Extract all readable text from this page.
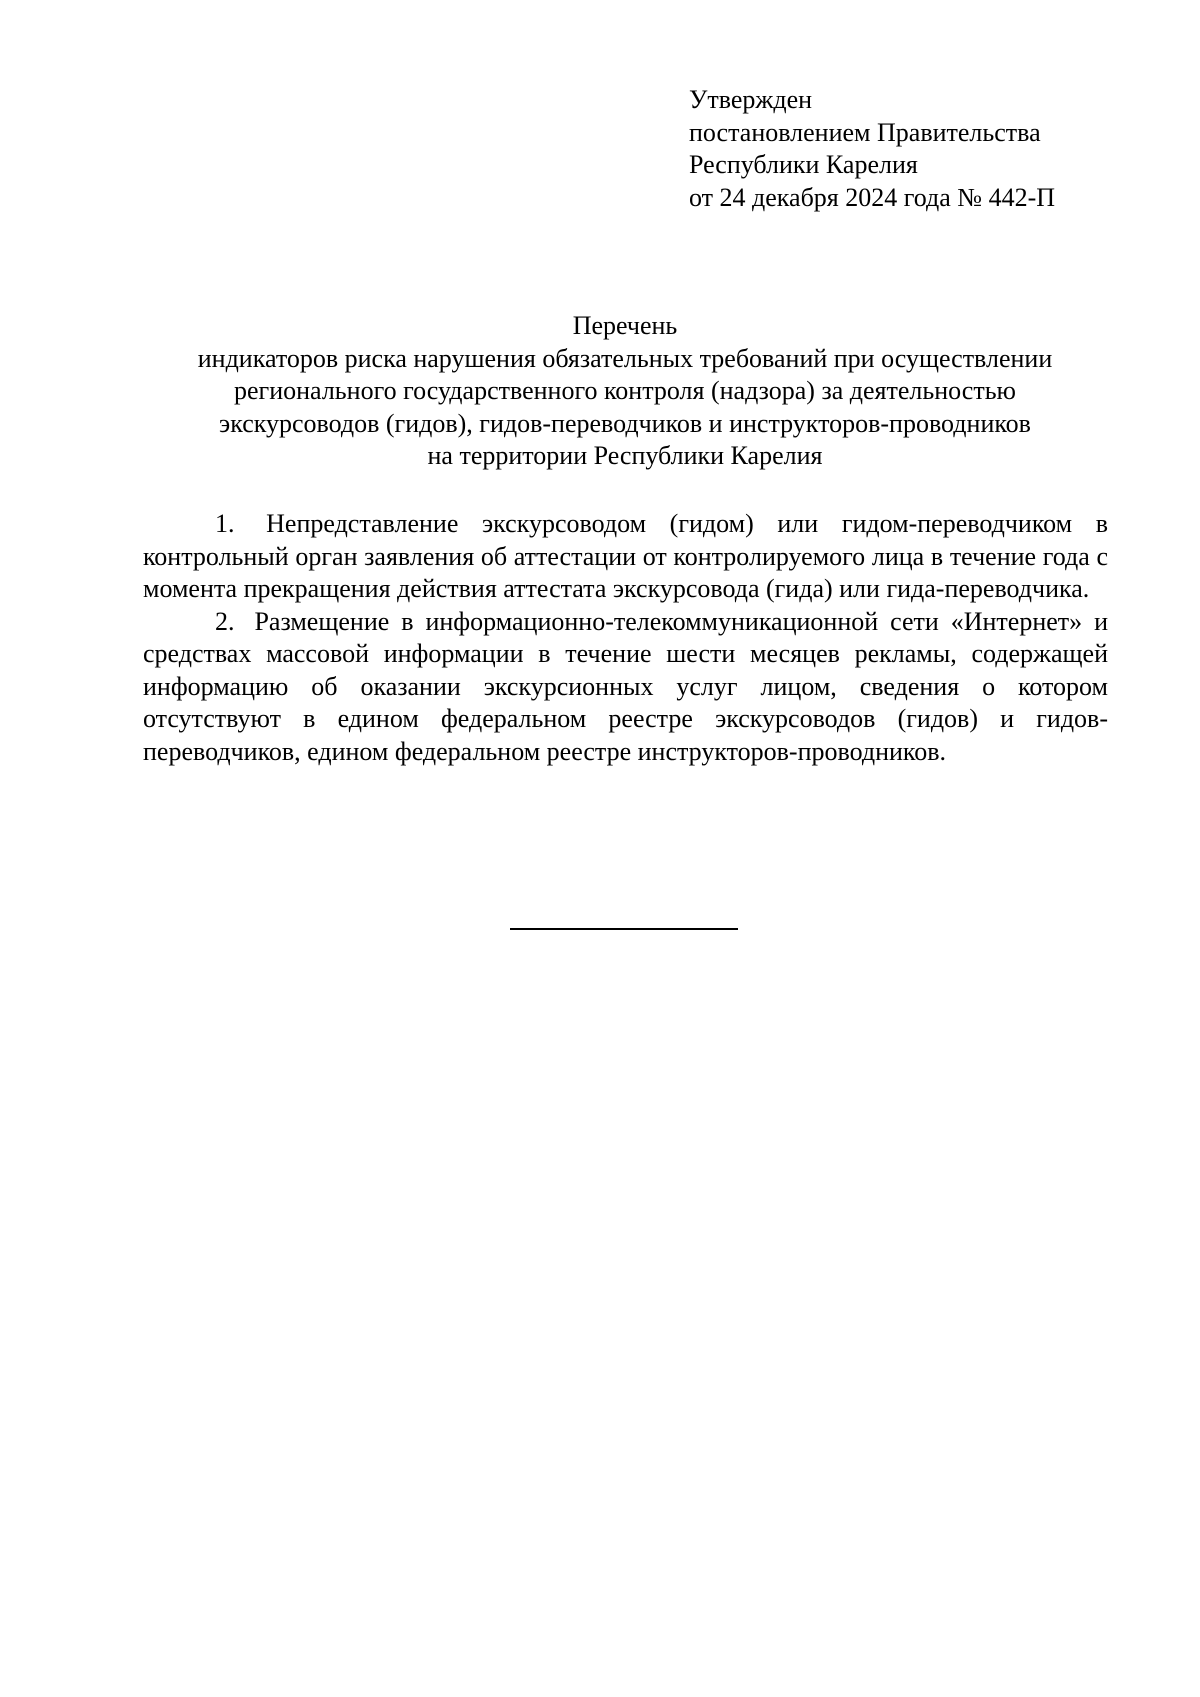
Утвержден
постановлением Правительства
Республики Карелия
от 24 декабря 2024 года № 442-П
Перечень
индикаторов риска нарушения обязательных требований при осуществлении
регионального государственного контроля (надзора) за деятельностью
экскурсоводов (гидов), гидов-переводчиков и инструкторов-проводников
на территории Республики Карелия

1. Непредставление экскурсоводом (гидом) или гидом-переводчиком в контрольный орган заявления об аттестации от контролируемого лица в течение года с момента прекращения действия аттестата экскурсовода (гида) или гида-переводчика.

2. Размещение в информационно-телекоммуникационной сети «Интернет» и средствах массовой информации в течение шести месяцев рекламы, содержащей информацию об оказании экскурсионных услуг лицом, сведения о котором отсутствуют в едином федеральном реестре экскурсоводов (гидов) и гидов-переводчиков, едином федеральном реестре инструкторов-проводников.
